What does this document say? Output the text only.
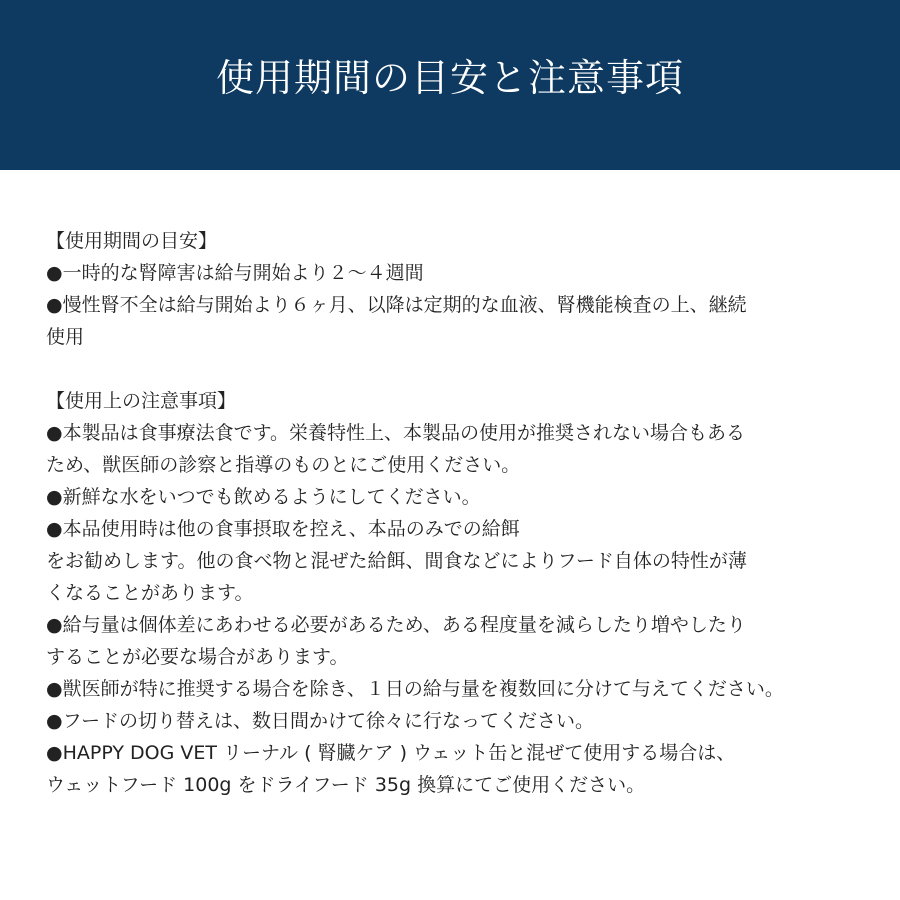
使用期間の目安と注意事項

【使用期間の目安】

●一時的な腎障害は給与開始より２～４週間

●慢性腎不全は給与開始より６ヶ月、以降は定期的な血液、腎機能検査の上、継続

使用

【使用上の注意事項】

●本製品は食事療法食です。栄養特性上、本製品の使用が推奨されない場合もある

ため、獣医師の診察と指導のものとにご使用ください。

●新鮮な水をいつでも飲めるようにしてください。

●本品使用時は他の食事摂取を控え、本品のみでの給餌

をお勧めします。他の食べ物と混ぜた給餌、間食などによりフード自体の特性が薄

くなることがあります。

●給与量は個体差にあわせる必要があるため、ある程度量を減らしたり増やしたり

することが必要な場合があります。

●獣医師が特に推奨する場合を除き、１日の給与量を複数回に分けて与えてください。

●フードの切り替えは、数日間かけて徐々に行なってください。

●HAPPY DOG VET リーナル ( 腎臓ケア ) ウェット缶と混ぜて使用する場合は、

ウェットフード 100g をドライフード 35g 換算にてご使用ください。
